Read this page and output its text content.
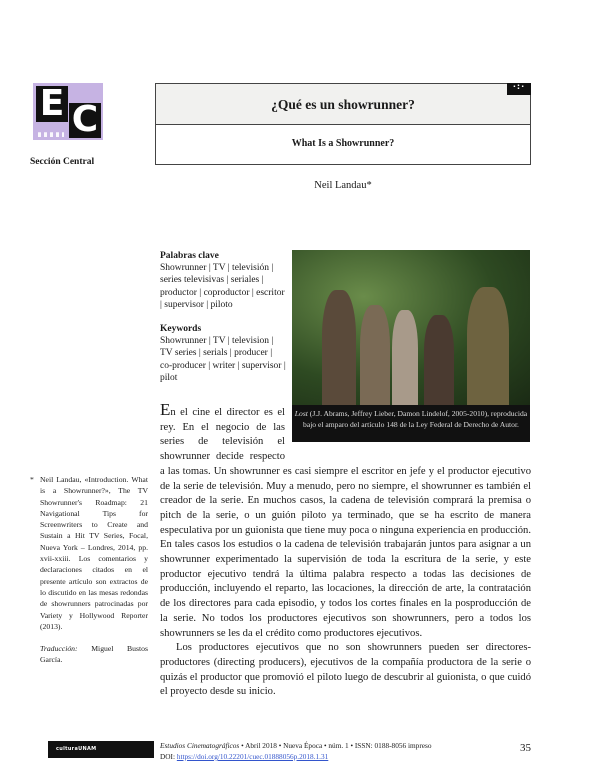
E C
Sección Central
¿Qué es un showrunner?
What Is a Showrunner?
·:·
Neil Landau*

Palabras clave
Showrunner | TV | televisión | series televisivas | seriales | productor | coproductor | escritor | supervisor | piloto

Keywords
Showrunner | TV | television | TV series | serials | producer | co-producer | writer | supervisor | pilot

Lost (J.J. Abrams, Jeffrey Lieber, Damon Lindelof, 2005-2010), reproducida bajo el amparo del artículo 148 de la Ley Federal de Derecho de Autor.

En el cine el director es el rey. En el negocio de las series de televisión el showrunner decide respecto a las tomas. Un showrunner es casi siempre el escritor en jefe y el productor ejecutivo de la serie de televisión. Muy a menudo, pero no siempre, el showrunner es también el creador de la serie. En muchos casos, la cadena de televisión comprará la premisa o pitch de la serie, o un guión piloto ya terminado, que se ha escrito de manera especulativa por un guionista que tiene muy poca o ninguna experiencia en producción. En tales casos los estudios o la cadena de televisión trabajarán juntos para asignar a un showrunner experimentado la supervisión de toda la escritura de la serie, y este productor ejecutivo tendrá la última palabra respecto a todas las decisiones de producción, incluyendo el reparto, las locaciones, la dirección de arte, la contratación de los directores para cada episodio, y todos los cortes finales en la posproducción de la serie. No todos los productores ejecutivos son showrunners, pero a todos los showrunners se les da el crédito como productores ejecutivos.

Los productores ejecutivos que no son showrunners pueden ser directores-productores (directing producers), ejecutivos de la compañía productora de la serie o quizás el productor que promovió el piloto luego de descubrir al guionista, o que cuidó el proyecto desde su inicio.

* Neil Landau, «Introduction. What is a Showrunner?», The TV Showrunner's Roadmap: 21 Navigational Tips for Screenwriters to Create and Sustain a Hit TV Series, Focal, Nueva York – Londres, 2014, pp. xvii-xxiii. Los comentarios y declaraciones citados en el presente artículo son extractos de lo discutido en las mesas redondas de showrunners patrocinadas por Variety y Hollywood Reporter (2013).

Traducción: Miguel Bustos García.

culturaUNAM	Estudios Cinematográficos • Abril 2018 • Nueva Época • núm. 1 • ISSN: 0188-8056 impreso
DOI: https://doi.org/10.22201/cuec.01888056p.2018.1.31
35
